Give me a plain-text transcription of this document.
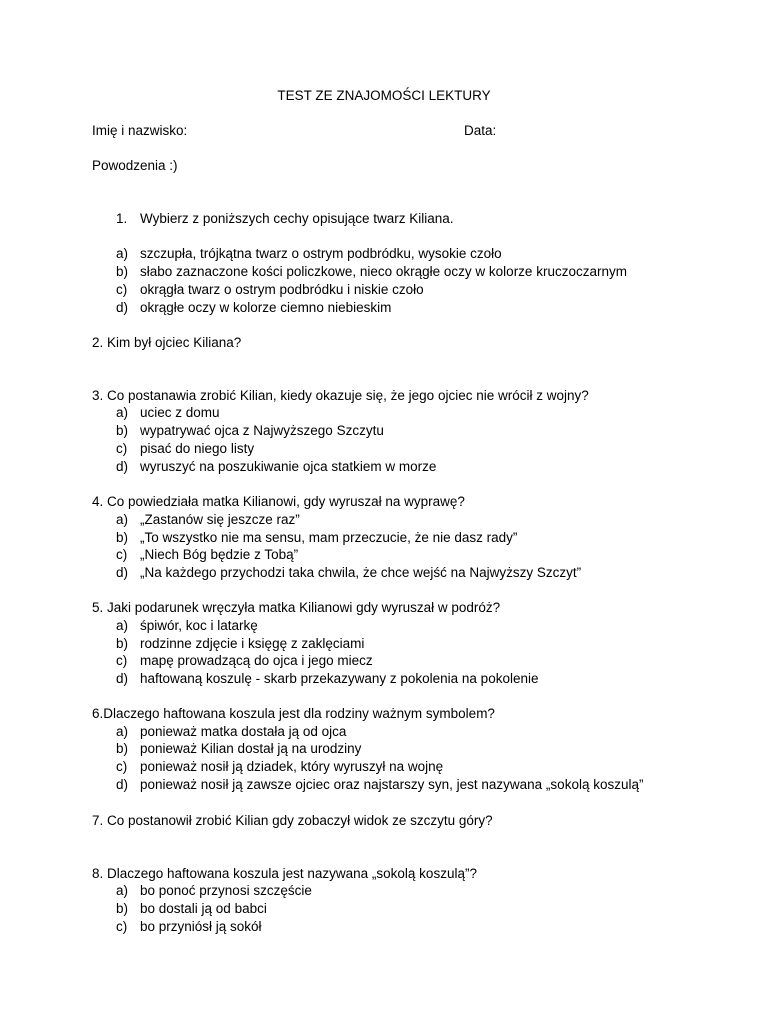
TEST ZE ZNAJOMOŚCI LEKTURY
Imię i nazwisko:	Data:
Powodzenia :)
1. Wybierz z poniższych cechy opisujące twarz Kiliana.
a) szczupła, trójkątna twarz o ostrym podbródku, wysokie czoło
b) słabo zaznaczone kości policzkowe, nieco okrągłe oczy w kolorze kruczoczarnym
c) okrągła twarz o ostrym podbródku i niskie czoło
d) okrągłe oczy w kolorze ciemno niebieskim
2. Kim był ojciec Kiliana?
3. Co postanawia zrobić Kilian, kiedy okazuje się, że jego ojciec nie wrócił z wojny?
a) uciec z domu
b) wypatrywać ojca z Najwyższego Szczytu
c) pisać do niego listy
d) wyruszyć na poszukiwanie ojca statkiem w morze
4. Co powiedziała matka Kilianowi, gdy wyruszał na wyprawę?
a) „Zastanów się jeszcze raz”
b) „To wszystko nie ma sensu, mam przeczucie, że nie dasz rady”
c) „Niech Bóg będzie z Tobą”
d) „Na każdego przychodzi taka chwila, że chce wejść na Najwyższy Szczyt”
5. Jaki podarunek wręczyła matka Kilianowi gdy wyruszał w podróż?
a) śpiwór, koc i latarkę
b) rodzinne zdjęcie i księgę z zaklęciami
c) mapę prowadzącą do ojca i jego miecz
d) haftowaną koszulę - skarb przekazywany z pokolenia na pokolenie
6.Dlaczego haftowana koszula jest dla rodziny ważnym symbolem?
a) ponieważ matka dostała ją od ojca
b) ponieważ Kilian dostał ją na urodziny
c) ponieważ nosił ją dziadek, który wyruszył na wojnę
d) ponieważ nosił ją zawsze ojciec oraz najstarszy syn, jest nazywana „sokolą koszulą”
7. Co postanowił zrobić Kilian gdy zobaczył widok ze szczytu góry?
8. Dlaczego haftowana koszula jest nazywana „sokolą koszulą”?
a) bo ponoć przynosi szczęście
b) bo dostali ją od babci
c) bo przyniósł ją sokół
